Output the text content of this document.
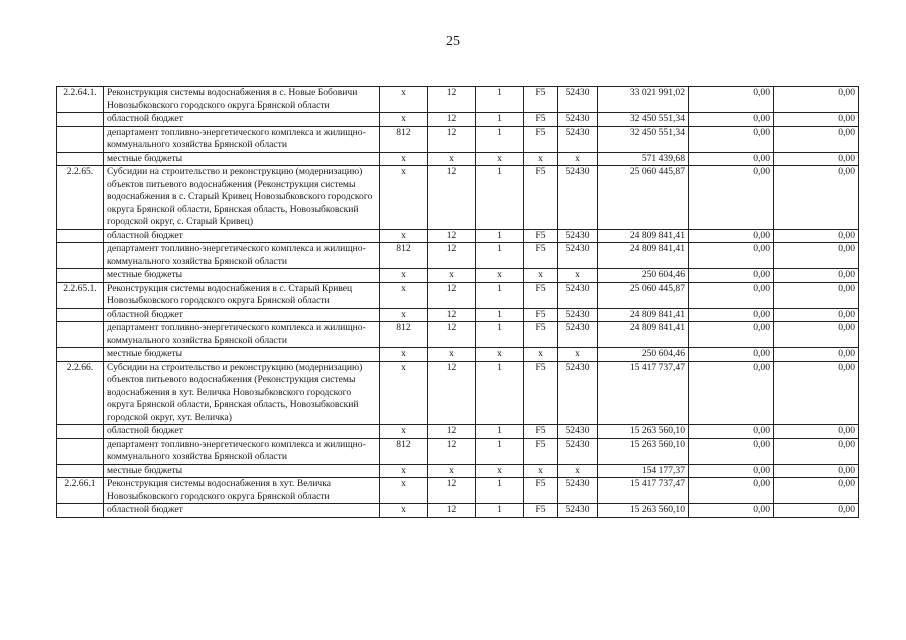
25
2.2.64.1.	Реконструкция системы водоснабжения в с. Новые Бобовичи Новозыбковского городского округа Брянской области	х	12	1	F5	52430	33 021 991,02	0,00	0,00
	областной бюджет	х	12	1	F5	52430	32 450 551,34	0,00	0,00
	департамент топливно-энергетического комплекса и жилищно-коммунального хозяйства Брянской области	812	12	1	F5	52430	32 450 551,34	0,00	0,00
	местные бюджеты	х	х	х	х	х	571 439,68	0,00	0,00
2.2.65.	Субсидии на строительство и реконструкцию (модернизацию) объектов питьевого водоснабжения (Реконструкция системы водоснабжения в с. Старый Кривец Новозыбковского городского округа Брянской области, Брянская область, Новозыбковский городской округ, с. Старый Кривец)	х	12	1	F5	52430	25 060 445,87	0,00	0,00
	областной бюджет	х	12	1	F5	52430	24 809 841,41	0,00	0,00
	департамент топливно-энергетического комплекса и жилищно-коммунального хозяйства Брянской области	812	12	1	F5	52430	24 809 841,41	0,00	0,00
	местные бюджеты	х	х	х	х	х	250 604,46	0,00	0,00
2.2.65.1.	Реконструкция системы водоснабжения в с. Старый Кривец Новозыбковского городского округа Брянской области	х	12	1	F5	52430	25 060 445,87	0,00	0,00
	областной бюджет	х	12	1	F5	52430	24 809 841,41	0,00	0,00
	департамент топливно-энергетического комплекса и жилищно-коммунального хозяйства Брянской области	812	12	1	F5	52430	24 809 841,41	0,00	0,00
	местные бюджеты	х	х	х	х	х	250 604,46	0,00	0,00
2.2.66.	Субсидии на строительство и реконструкцию (модернизацию) объектов питьевого водоснабжения (Реконструкция системы водоснабжения в хут. Величка Новозыбковского городского округа Брянской области, Брянская область, Новозыбковский городской округ, хут. Величка)	х	12	1	F5	52430	15 417 737,47	0,00	0,00
	областной бюджет	х	12	1	F5	52430	15 263 560,10	0,00	0,00
	департамент топливно-энергетического комплекса и жилищно-коммунального хозяйства Брянской области	812	12	1	F5	52430	15 263 560,10	0,00	0,00
	местные бюджеты	х	х	х	х	х	154 177,37	0,00	0,00
2.2.66.1	Реконструкция системы водоснабжения в хут. Величка Новозыбковского городского округа Брянской области	х	12	1	F5	52430	15 417 737,47	0,00	0,00
	областной бюджет	х	12	1	F5	52430	15 263 560,10	0,00	0,00
